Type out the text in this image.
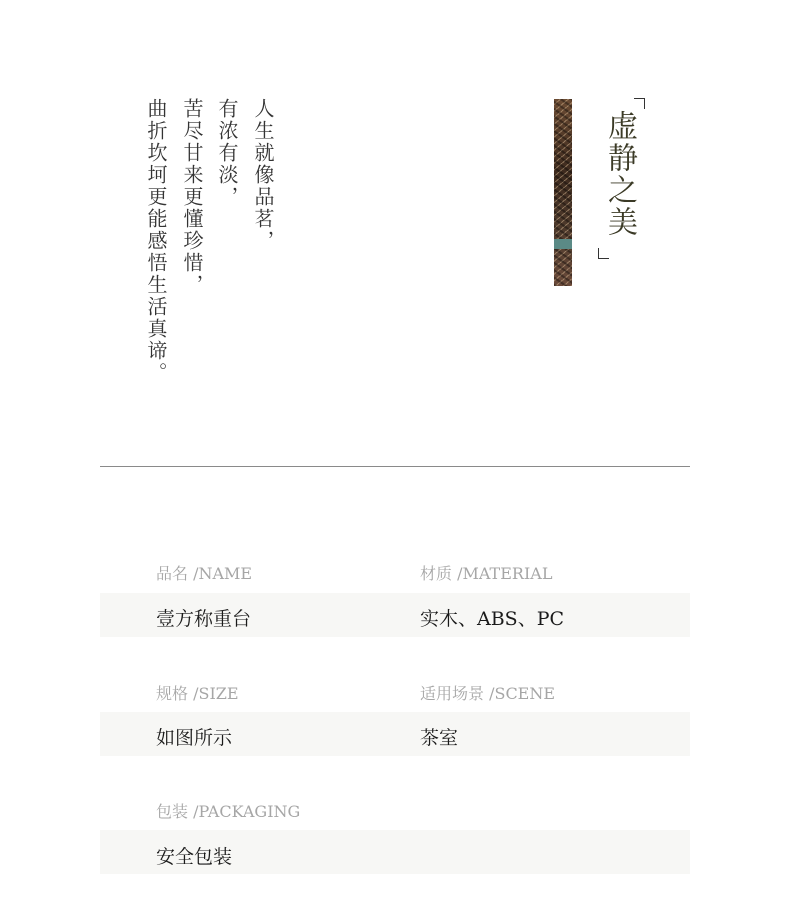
人生就像品茗，
有浓有淡，
苦尽甘来更懂珍惜，
曲折坎坷更能感悟生活真谛。	虚静之美
品名 /NAME	材质 /MATERIAL
壹方称重台	实木、ABS、PC
规格 /SIZE	适用场景 /SCENE
如图所示	茶室
包装 /PACKAGING
安全包装
